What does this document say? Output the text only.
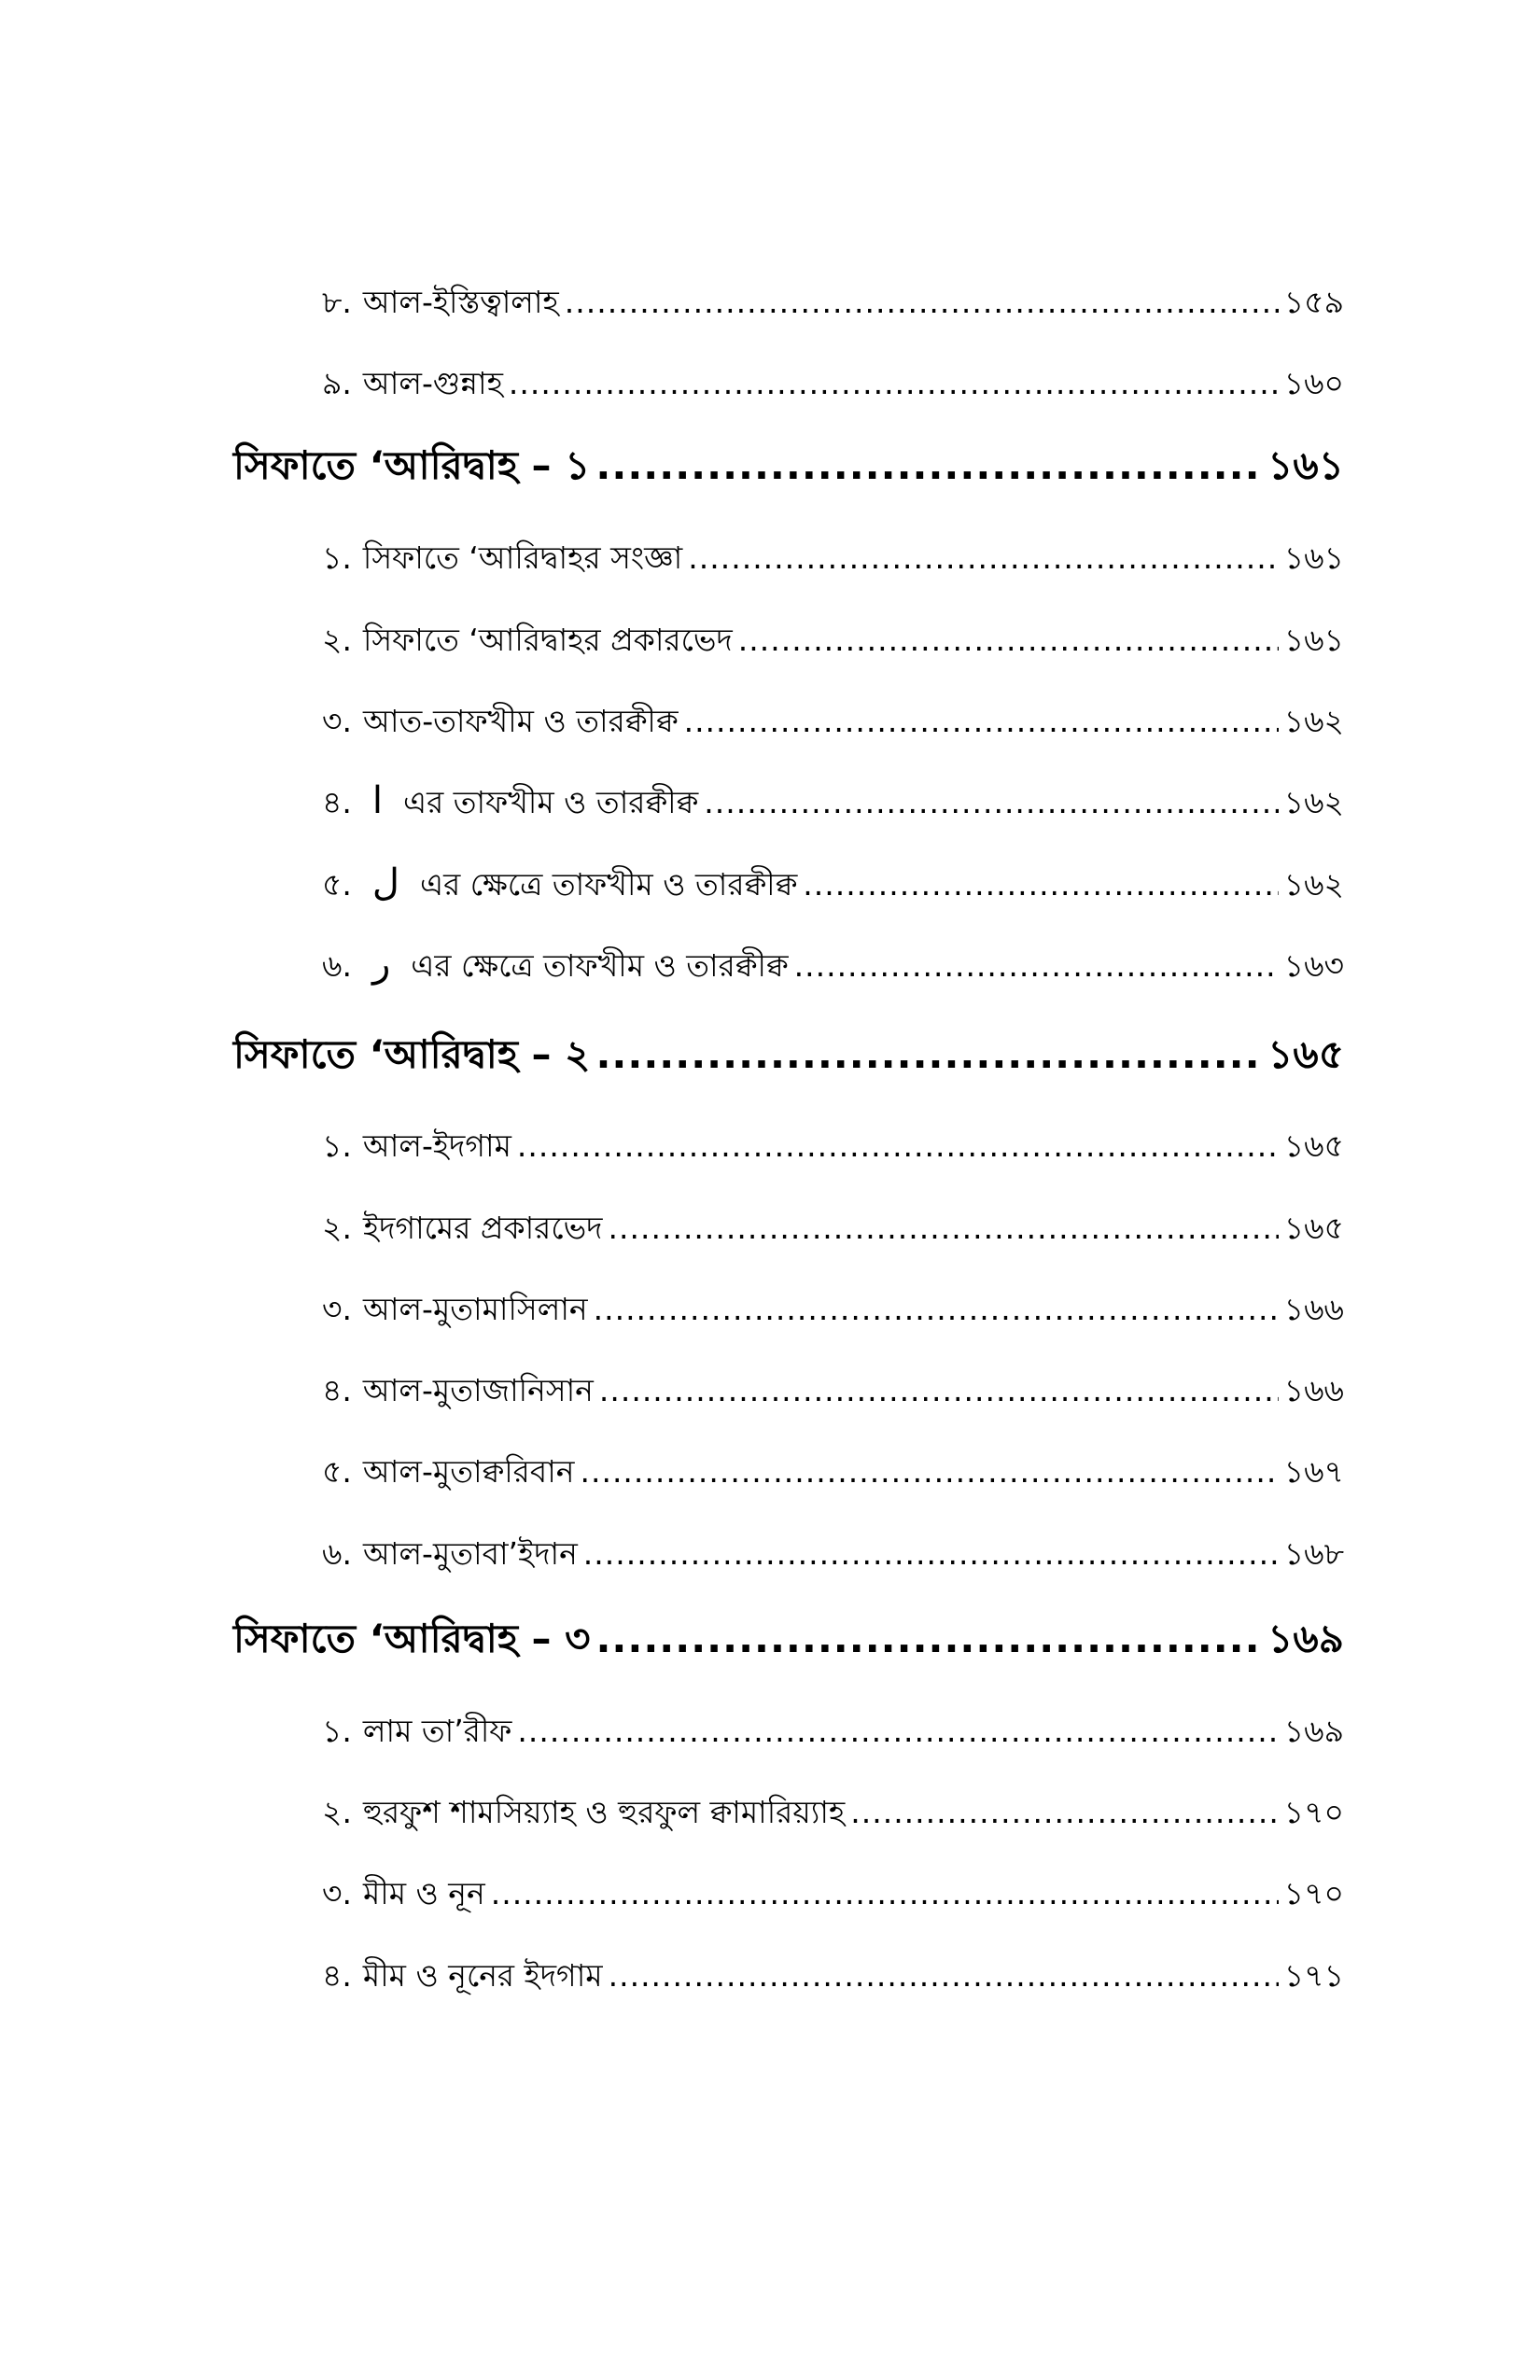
৮. আল-ইস্তিত্বালাহ .....	১৫৯
৯. আল-গুন্নাহ .....	১৬০
সিফাতে ‘আরিদ্বাহ – ১ .....	১৬১
১. সিফাতে ‘আরিদ্বাহর সংজ্ঞা .....	১৬১
২. সিফাতে ‘আরিদ্বাহর প্রকারভেদ .....	১৬১
৩. আত-তাফখীম ও তারক্বীক্ব .....	১৬২
৪. ا এর তাফখীম ও তারক্বীক্ব .....	১৬২
৫. ل এর ক্ষেত্রে তাফখীম ও তারক্বীক্ব .....	১৬২
৬. ر এর ক্ষেত্রে তাফখীম ও তারক্বীক্ব .....	১৬৩
সিফাতে ‘আরিদ্বাহ – ২ .....	১৬৫
১. আল-ইদগাম .....	১৬৫
২. ইদগামের প্রকারভেদ .....	১৬৫
৩. আল-মুতামাসিলান .....	১৬৬
৪. আল-মুতাজানিসান .....	১৬৬
৫. আল-মুতাক্বরিবান .....	১৬৭
৬. আল-মুতাবা’ইদান .....	১৬৮
সিফাতে ‘আরিদ্বাহ – ৩ .....	১৬৯
১. লাম তা’রীফ .....	১৬৯
২. হুরফুশ শামসিয়্যাহ ও হুরফুল ক্বামারিয়্যাহ .....	১৭০
৩. মীম ও নূন .....	১৭০
৪. মীম ও নূনের ইদগাম .....	১৭১
